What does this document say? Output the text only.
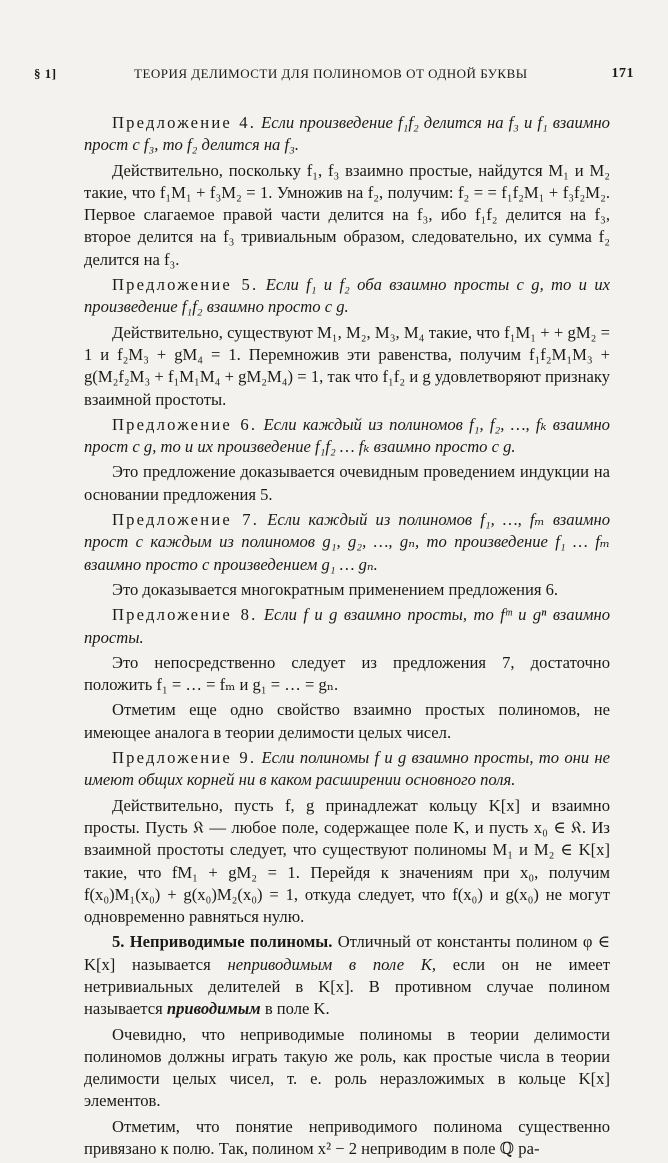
§ 1]	ТЕОРИЯ ДЕЛИМОСТИ ДЛЯ ПОЛИНОМОВ ОТ ОДНОЙ БУКВЫ	171

Предложение 4. Если произведение f₁f₂ делится на f₃ и f₁ взаимно прост с f₃, то f₂ делится на f₃.

Действительно, поскольку f₁, f₃ взаимно простые, найдутся M₁ и M₂ такие, что f₁M₁ + f₃M₂ = 1. Умножив на f₂, получим: f₂ = = f₁f₂M₁ + f₃f₂M₂. Первое слагаемое правой части делится на f₃, ибо f₁f₂ делится на f₃, второе делится на f₃ тривиальным образом, следовательно, их сумма f₂ делится на f₃.

Предложение 5. Если f₁ и f₂ оба взаимно просты с g, то и их произведение f₁f₂ взаимно просто с g.

Действительно, существуют M₁, M₂, M₃, M₄ такие, что f₁M₁ + + gM₂ = 1 и f₂M₃ + gM₄ = 1. Перемножив эти равенства, получим f₁f₂M₁M₃ + g(M₂f₂M₃ + f₁M₁M₄ + gM₂M₄) = 1, так что f₁f₂ и g удовлетворяют признаку взаимной простоты.

Предложение 6. Если каждый из полиномов f₁, f₂, …, fₖ взаимно прост с g, то и их произведение f₁f₂ … fₖ взаимно просто с g.

Это предложение доказывается очевидным проведением индукции на основании предложения 5.

Предложение 7. Если каждый из полиномов f₁, …, fₘ взаимно прост с каждым из полиномов g₁, g₂, …, gₙ, то произведение f₁ … fₘ взаимно просто с произведением g₁ … gₙ.

Это доказывается многократным применением предложения 6.

Предложение 8. Если f и g взаимно просты, то fᵐ и gⁿ взаимно просты.

Это непосредственно следует из предложения 7, достаточно положить f₁ = … = fₘ и g₁ = … = gₙ.

Отметим еще одно свойство взаимно простых полиномов, не имеющее аналога в теории делимости целых чисел.

Предложение 9. Если полиномы f и g взаимно просты, то они не имеют общих корней ни в каком расширении основного поля.

Действительно, пусть f, g принадлежат кольцу K[x] и взаимно просты. Пусть 𝔎 — любое поле, содержащее поле K, и пусть x₀ ∈ 𝔎. Из взаимной простоты следует, что существуют полиномы M₁ и M₂ ∈ K[x] такие, что fM₁ + gM₂ = 1. Перейдя к значениям при x₀, получим f(x₀)M₁(x₀) + g(x₀)M₂(x₀) = 1, откуда следует, что f(x₀) и g(x₀) не могут одновременно равняться нулю.

5. Неприводимые полиномы. Отличный от константы полином φ ∈ K[x] называется неприводимым в поле K, если он не имеет нетривиальных делителей в K[x]. В противном случае полином называется приводимым в поле K.

Очевидно, что неприводимые полиномы в теории делимости полиномов должны играть такую же роль, как простые числа в теории делимости целых чисел, т. е. роль неразложимых в кольце K[x] элементов.

Отметим, что понятие неприводимого полинома существенно привязано к полю. Так, полином x² − 2 неприводим в поле ℚ ра-
